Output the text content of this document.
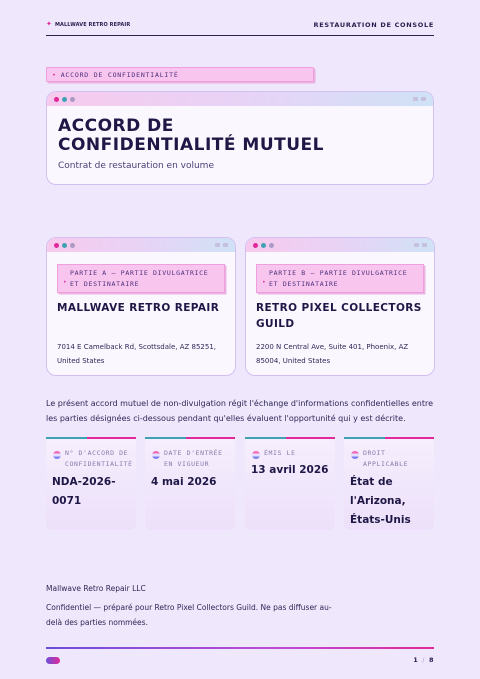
✦ MALLWAVE RETRO REPAIR	RESTAURATION DE CONSOLE
• ACCORD DE CONFIDENTIALITÉ
ACCORD DE
CONFIDENTIALITÉ MUTUEL
Contrat de restauration en volume
•
PARTIE A — PARTIE DIVULGATRICE ET DESTINATAIRE
MALLWAVE RETRO REPAIR
7014 E Camelback Rd, Scottsdale, AZ 85251, United States
•
PARTIE B — PARTIE DIVULGATRICE ET DESTINATAIRE
RETRO PIXEL COLLECTORS GUILD
2200 N Central Ave, Suite 401, Phoenix, AZ 85004, United States

Le présent accord mutuel de non-divulgation régit l'échange d'informations confidentielles entre les parties désignées ci-dessous pendant qu'elles évaluent l'opportunité qui y est décrite.

N° D'ACCORD DE CONFIDENTIALITÉ
NDA-2026-0071
DATE D'ENTRÉE EN VIGUEUR
4 mai 2026
ÉMIS LE
13 avril 2026
DROIT APPLICABLE
État de l'Arizona, États-Unis
Mallwave Retro Repair LLC

Confidentiel — préparé pour Retro Pixel Collectors Guild. Ne pas diffuser au-delà des parties nommées.

1 / 8
